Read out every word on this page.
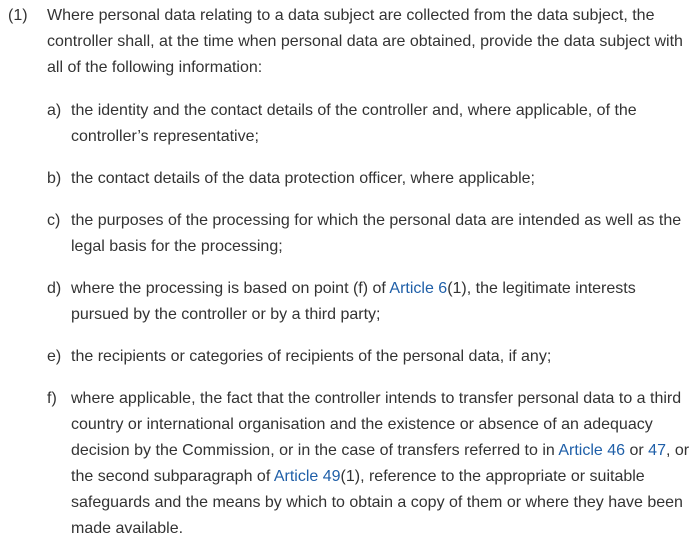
(1) Where personal data relating to a data subject are collected from the data subject, the controller shall, at the time when personal data are obtained, provide the data subject with all of the following information:
a) the identity and the contact details of the controller and, where applicable, of the controller’s representative;
b) the contact details of the data protection officer, where applicable;
c) the purposes of the processing for which the personal data are intended as well as the legal basis for the processing;
d) where the processing is based on point (f) of Article 6(1), the legitimate interests pursued by the controller or by a third party;
e) the recipients or categories of recipients of the personal data, if any;
f) where applicable, the fact that the controller intends to transfer personal data to a third country or international organisation and the existence or absence of an adequacy decision by the Commission, or in the case of transfers referred to in Article 46 or 47, or the second subparagraph of Article 49(1), reference to the appropriate or suitable safeguards and the means by which to obtain a copy of them or where they have been made available.
